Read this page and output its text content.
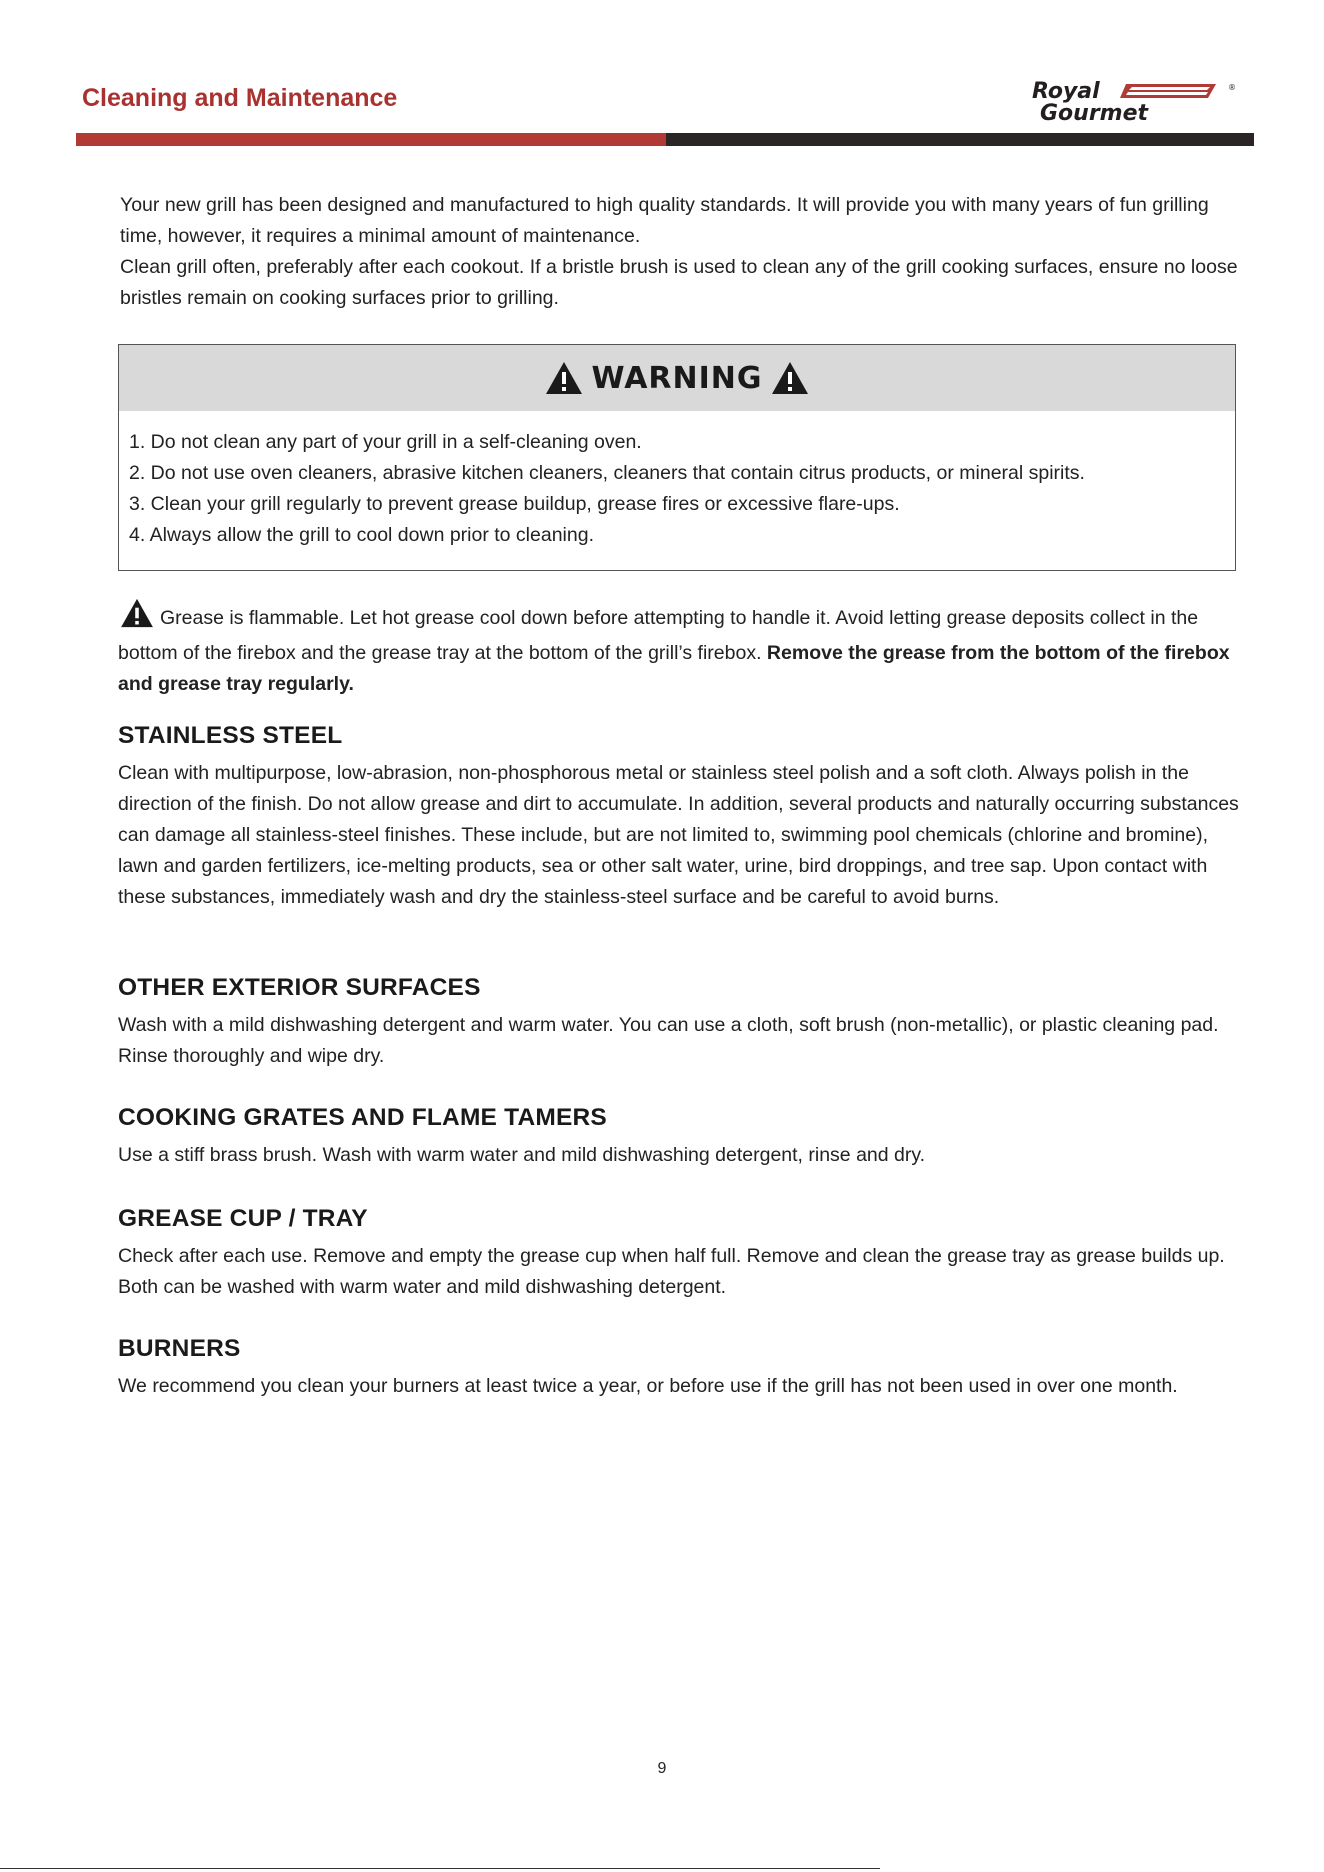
Cleaning and Maintenance	Royal
Gourmet
®

Your new grill has been designed and manufactured to high quality standards. It will provide you with many years of fun grilling time, however, it requires a minimal amount of maintenance.

Clean grill often, preferably after each cookout. If a bristle brush is used to clean any of the grill cooking surfaces, ensure no loose bristles remain on cooking surfaces prior to grilling.

WARNING
1. Do not clean any part of your grill in a self-cleaning oven.
2. Do not use oven cleaners, abrasive kitchen cleaners, cleaners that contain citrus products, or mineral spirits.
3. Clean your grill regularly to prevent grease buildup, grease fires or excessive flare-ups.
4. Always allow the grill to cool down prior to cleaning.
Grease is flammable. Let hot grease cool down before attempting to handle it. Avoid letting grease deposits collect in the bottom of the firebox and the grease tray at the bottom of the grill’s firebox. Remove the grease from the bottom of the firebox and grease tray regularly.
STAINLESS STEEL

Clean with multipurpose, low-abrasion, non-phosphorous metal or stainless steel polish and a soft cloth. Always polish in the direction of the finish. Do not allow grease and dirt to accumulate. In addition, several products and naturally occurring substances can damage all stainless-steel finishes. These include, but are not limited to, swimming pool chemicals (chlorine and bromine), lawn and garden fertilizers, ice-melting products, sea or other salt water, urine, bird droppings, and tree sap. Upon contact with these substances, immediately wash and dry the stainless-steel surface and be careful to avoid burns.

OTHER EXTERIOR SURFACES

Wash with a mild dishwashing detergent and warm water. You can use a cloth, soft brush (non-metallic), or plastic cleaning pad. Rinse thoroughly and wipe dry.

COOKING GRATES AND FLAME TAMERS

Use a stiff brass brush. Wash with warm water and mild dishwashing detergent, rinse and dry.

GREASE CUP / TRAY

Check after each use. Remove and empty the grease cup when half full. Remove and clean the grease tray as grease builds up. Both can be washed with warm water and mild dishwashing detergent.

BURNERS

We recommend you clean your burners at least twice a year, or before use if the grill has not been used in over one month.

9
